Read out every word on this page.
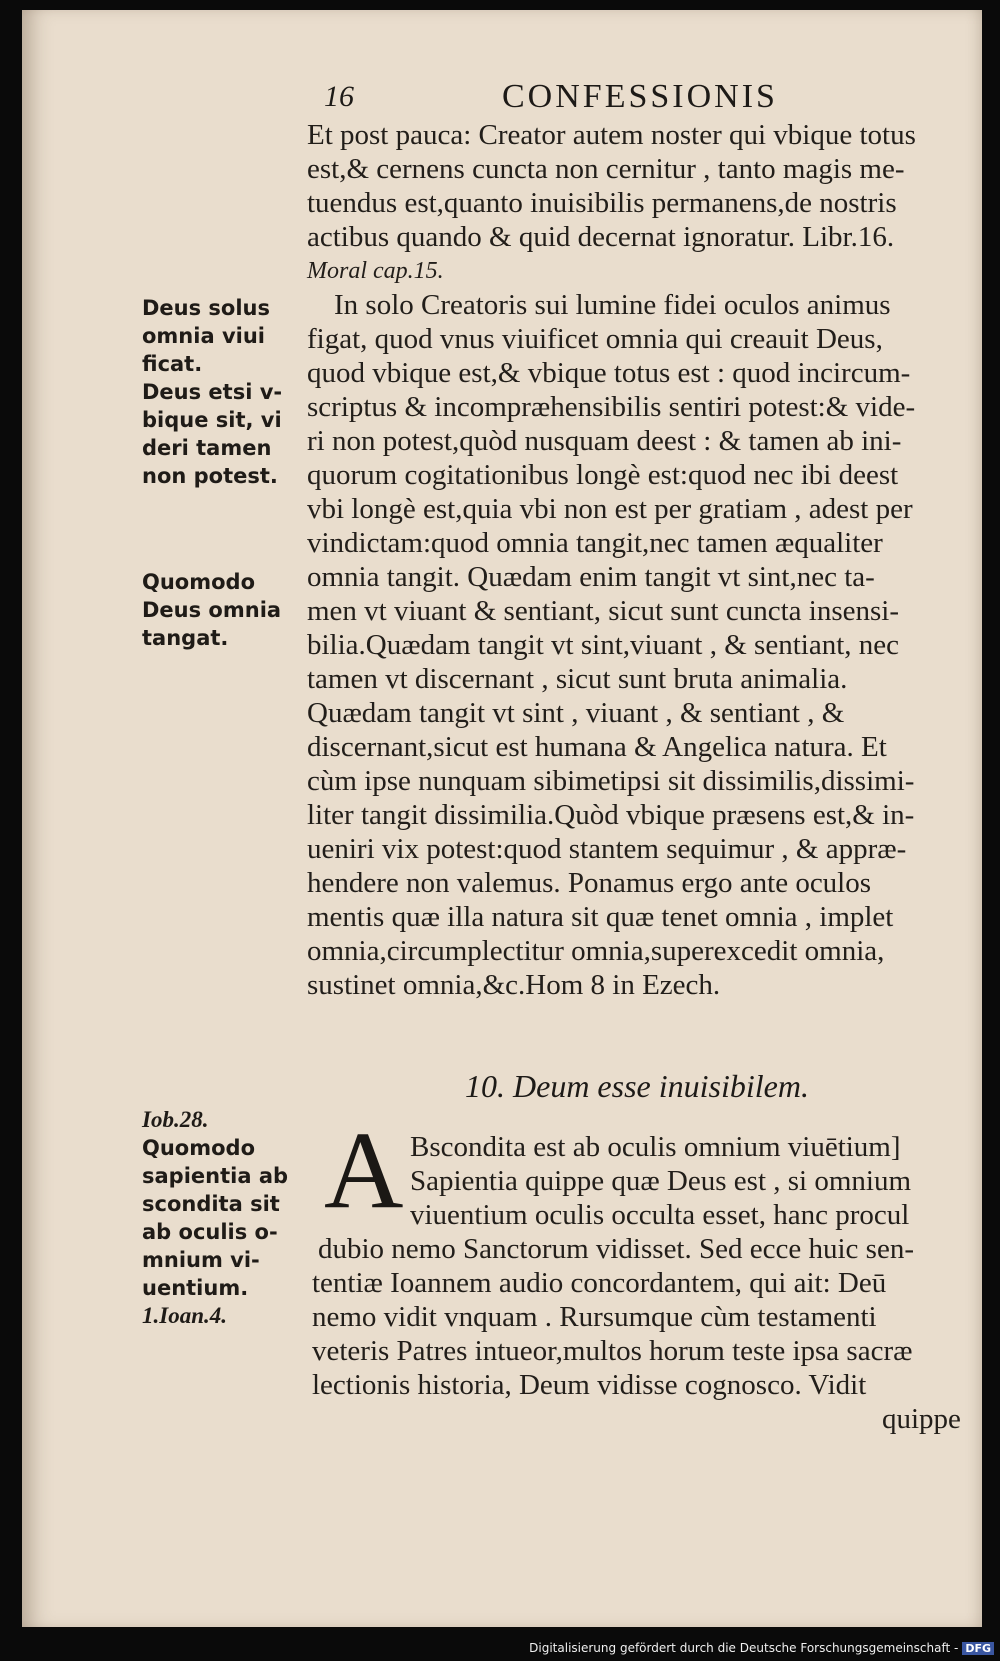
16	CONFESSIONIS
Et post pauca: Creator autem noster qui vbique totus
est,& cernens cuncta non cernitur , tanto magis me-
tuendus est,quanto inuisibilis permanens,de nostris
actibus quando & quid decernat ignoratur. Libr.16.
Moral cap.15.
In solo Creatoris sui lumine fidei oculos animus
figat, quod vnus viuificet omnia qui creauit Deus,
quod vbique est,& vbique totus est : quod incircum-
scriptus & incompræhensibilis sentiri potest:& vide-
ri non potest,quòd nusquam deest : & tamen ab ini-
quorum cogitationibus longè est:quod nec ibi deest
vbi longè est,quia vbi non est per gratiam , adest per
vindictam:quod omnia tangit,nec tamen æqualiter
omnia tangit. Quædam enim tangit vt sint,nec ta-
men vt viuant & sentiant, sicut sunt cuncta insensi-
bilia.Quædam tangit vt sint,viuant , & sentiant, nec
tamen vt discernant , sicut sunt bruta animalia.
Quædam tangit vt sint , viuant , & sentiant , &
discernant,sicut est humana & Angelica natura. Et
cùm ipse nunquam sibimetipsi sit dissimilis,dissimi-
liter tangit dissimilia.Quòd vbique præsens est,& in-
ueniri vix potest:quod stantem sequimur , & appræ-
hendere non valemus. Ponamus ergo ante oculos
mentis quæ illa natura sit quæ tenet omnia , implet
omnia,circumplectitur omnia,superexcedit omnia,
sustinet omnia,&c.Hom 8 in Ezech.
10. Deum esse inuisibilem.
A Bscondita est ab oculis omnium viuētium]
Sapientia quippe quæ Deus est , si omnium
viuentium oculis occulta esset, hanc procul
dubio nemo Sanctorum vidisset. Sed ecce huic sen-
tentiæ Ioannem audio concordantem, qui ait: Deū
nemo vidit vnquam . Rursumque cùm testamenti
veteris Patres intueor,multos horum teste ipsa sacræ
lectionis historia, Deum vidisse cognosco. Vidit
quippe
Deus solus
omnia viui
ficat.
Deus etsi v-
bique sit, vi
deri tamen
non potest.
Quomodo
Deus omnia
tangat.
Iob.28.
Quomodo
sapientia ab
scondita sit
ab oculis o-
mnium vi-
uentium.
1.Ioan.4.
Digitalisierung gefördert durch die Deutsche Forschungsgemeinschaft - DFG
